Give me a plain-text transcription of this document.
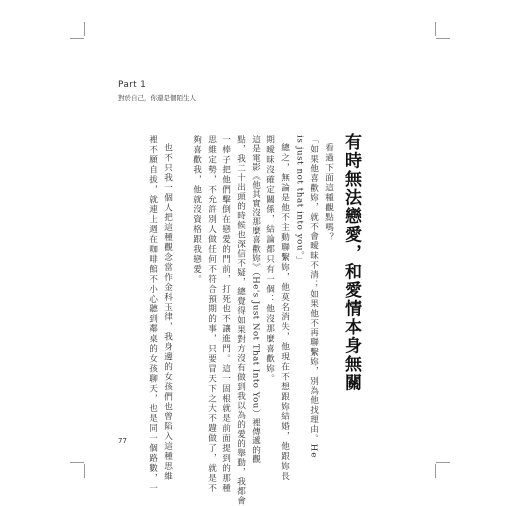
Part 1
對於自己，你還是個陌生人
有時無法戀愛，和愛情本身無關
看過下面這種觀點嗎？
「如果他喜歡妳，就不會曖昧不清；如果他不再聯繫妳，別為他找理由。He
is just not that into you。」
總之，無論是他不主動聯繫妳，他莫名消失，他現在不想跟妳結婚，他跟妳長
期曖昧沒確定關係，結論都只有一個：他沒那麼喜歡妳。
這是電影《他其實沒那麼喜歡妳》（He's Just Not That Into You）裡傳遞的觀
點，我二十出頭的時候也深信不疑，總覺得如果對方沒有做到我以為的愛的舉動，我都會
一棒子把他們擊倒在戀愛的門前，打死也不讓進門。這一固根就是前面提到的那種
思維定勢，不允許別人做任何不符合預期的事，只要冒天下之大不韙做了，就是不
夠喜歡我，他就沒資格跟我戀愛。
也不只我一個人把這種觀念當作金科玉律，我身邊的女孩們也曾陷入這種思維
裡不願自拔，就連上週在咖啡館不小心聽到鄰桌的女孩聊天，也是同一個路數，一
77
